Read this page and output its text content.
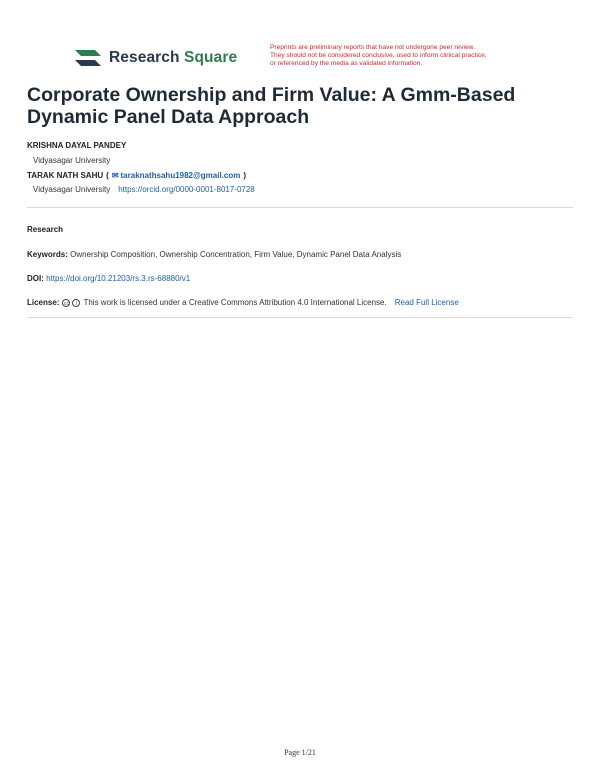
Research Square
Preprints are preliminary reports that have not undergone peer review.
They should not be considered conclusive, used to inform clinical practice,
or referenced by the media as validated information.
Corporate Ownership and Firm Value: A Gmm-Based Dynamic Panel Data Approach
KRISHNA DAYAL PANDEY
Vidyasagar University
TARAK NATH SAHU ( ✉ taraknathsahu1982@gmail.com )
Vidyasagar University https://orcid.org/0000-0001-8017-0728
Research
Keywords: Ownership Composition, Ownership Concentration, Firm Value, Dynamic Panel Data Analysis
DOI: https://doi.org/10.21203/rs.3.rs-68880/v1
License: cc	i This work is licensed under a Creative Commons Attribution 4.0 International License. Read Full License
Page 1/21
